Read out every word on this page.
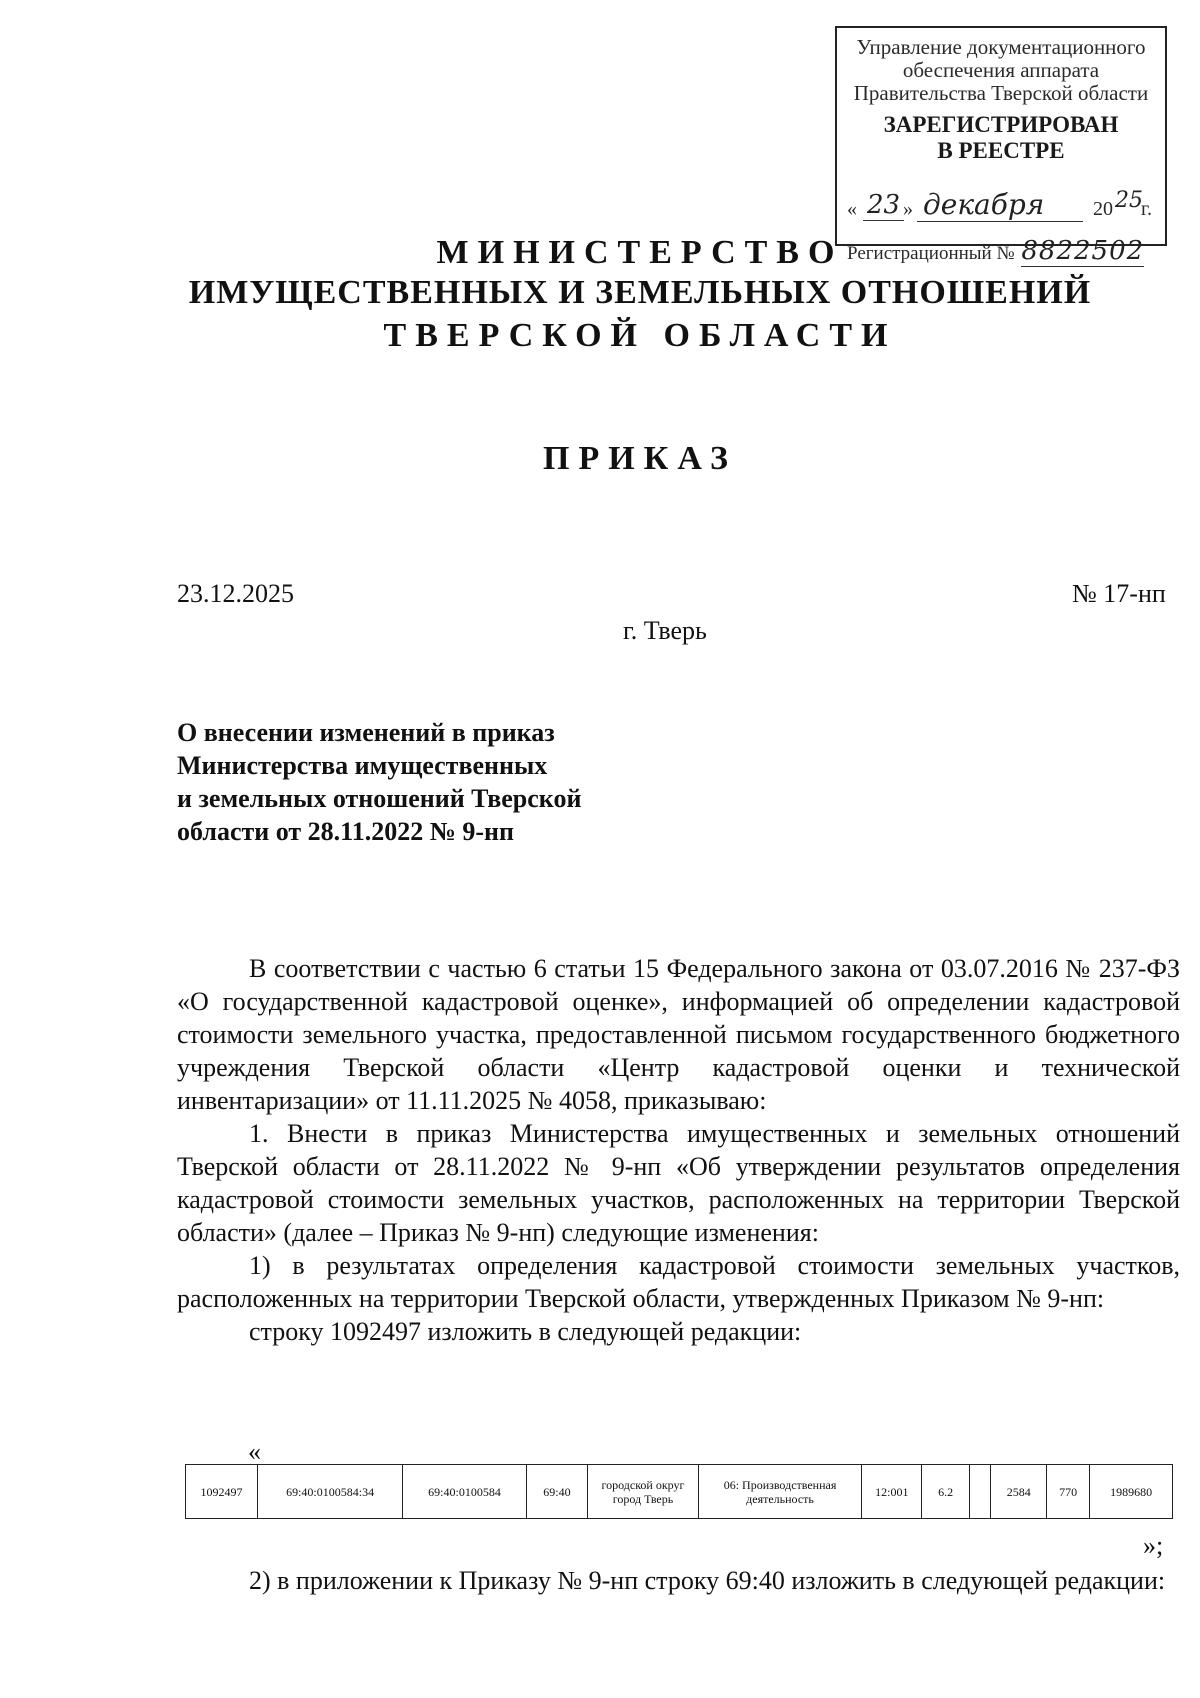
Управление документационного
обеспечения аппарата
Правительства Тверской области
ЗАРЕГИСТРИРОВАН
В РЕЕСТРЕ
« 23 » декабря	20 25
г.
Регистрационный № 8822502
МИНИСТЕРСТВО
ИМУЩЕСТВЕННЫХ И ЗЕМЕЛЬНЫХ ОТНОШЕНИЙ
ТВЕРСКОЙ ОБЛАСТИ
ПРИКАЗ
23.12.2025	№ 17-нп
г. Тверь
О внесении изменений в приказ
Министерства имущественных
и земельных отношений Тверской
области от 28.11.2022 № 9-нп

В соответствии с частью 6 статьи 15 Федерального закона от 03.07.2016 № 237-ФЗ «О государственной кадастровой оценке», информацией об определении кадастровой стоимости земельного участка, предоставленной письмом государственного бюджетного учреждения Тверской области «Центр кадастровой оценки и технической инвентаризации» от 11.11.2025 № 4058, приказываю:

1. Внести в приказ Министерства имущественных и земельных отношений Тверской области от 28.11.2022 № 9-нп «Об утверждении результатов определения кадастровой стоимости земельных участков, расположенных на территории Тверской области» (далее – Приказ № 9-нп) следующие изменения:

1) в результатах определения кадастровой стоимости земельных участков, расположенных на территории Тверской области, утвержденных Приказом № 9-нп:

строку 1092497 изложить в следующей редакции:

«
1092497	69:40:0100584:34	69:40:0100584	69:40	городской округ город Тверь	06: Производственная деятельность	12:001	6.2		2584	770	1989680
»;

2) в приложении к Приказу № 9-нп строку 69:40 изложить в следующей редакции:
